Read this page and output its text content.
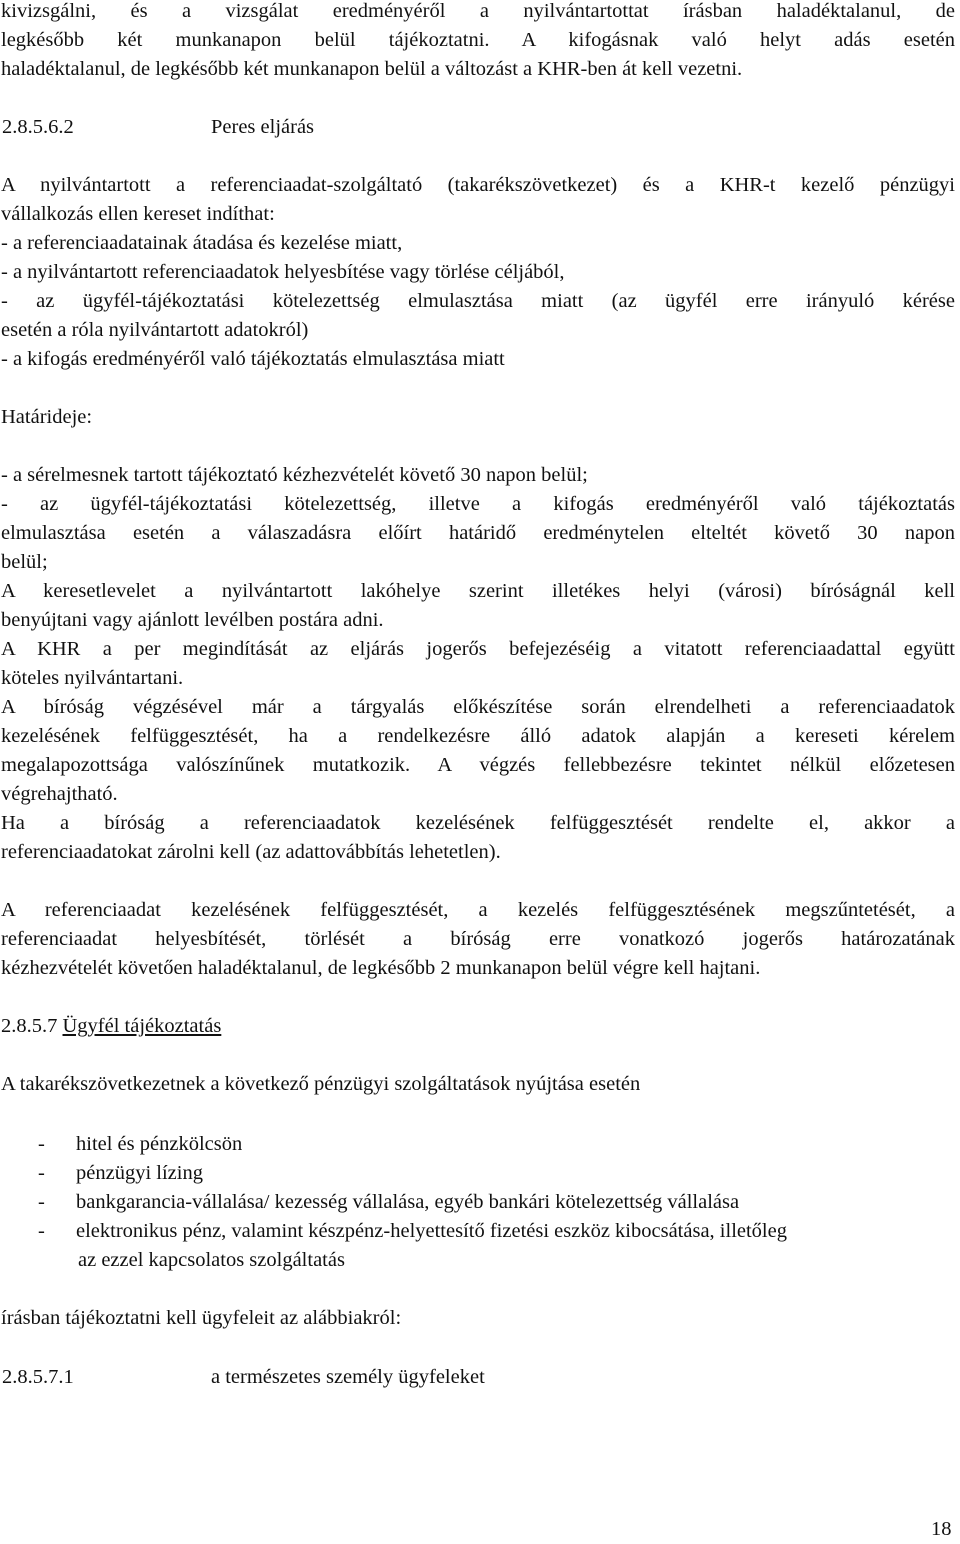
kivizsgálni, és a vizsgálat eredményéről a nyilvántartottat írásban haladéktalanul, de
legkésőbb két munkanapon belül tájékoztatni. A kifogásnak való helyt adás esetén
haladéktalanul, de legkésőbb két munkanapon belül a változást a KHR-ben át kell vezetni.
2.8.5.6.2	Peres eljárás
A nyilvántartott a referenciaadat-szolgáltató (takarékszövetkezet) és a KHR-t kezelő pénzügyi
vállalkozás ellen kereset indíthat:
- a referenciaadatainak átadása és kezelése miatt,
- a nyilvántartott referenciaadatok helyesbítése vagy törlése céljából,
- az ügyfél-tájékoztatási kötelezettség elmulasztása miatt (az ügyfél erre irányuló kérése
esetén a róla nyilvántartott adatokról)
- a kifogás eredményéről való tájékoztatás elmulasztása miatt
Határideje:
- a sérelmesnek tartott tájékoztató kézhezvételét követő 30 napon belül;
- az ügyfél-tájékoztatási kötelezettség, illetve a kifogás eredményéről való tájékoztatás
elmulasztása esetén a válaszadásra előírt határidő eredménytelen elteltét követő 30 napon
belül;
A keresetlevelet a nyilvántartott lakóhelye szerint illetékes helyi (városi) bíróságnál kell
benyújtani vagy ajánlott levélben postára adni.
A KHR a per megindítását az eljárás jogerős befejezéséig a vitatott referenciaadattal együtt
köteles nyilvántartani.
A bíróság végzésével már a tárgyalás előkészítése során elrendelheti a referenciaadatok
kezelésének felfüggesztését, ha a rendelkezésre álló adatok alapján a kereseti kérelem
megalapozottsága valószínűnek mutatkozik. A végzés fellebbezésre tekintet nélkül előzetesen
végrehajtható.
Ha a bíróság a referenciaadatok kezelésének felfüggesztését rendelte el, akkor a
referenciaadatokat zárolni kell (az adattovábbítás lehetetlen).
A referenciaadat kezelésének felfüggesztését, a kezelés felfüggesztésének megszűntetését, a
referenciaadat helyesbítését, törlését a bíróság erre vonatkozó jogerős határozatának
kézhezvételét követően haladéktalanul, de legkésőbb 2 munkanapon belül végre kell hajtani.
2.8.5.7 Ügyfél tájékoztatás
A takarékszövetkezetnek a következő pénzügyi szolgáltatások nyújtása esetén
- hitel és pénzkölcsön
- pénzügyi lízing
- bankgarancia-vállalása/ kezesség vállalása, egyéb bankári kötelezettség vállalása
- elektronikus pénz, valamint készpénz-helyettesítő fizetési eszköz kibocsátása, illetőleg
az ezzel kapcsolatos szolgáltatás
írásban tájékoztatni kell ügyfeleit az alábbiakról:
2.8.5.7.1	a természetes személy ügyfeleket
18
